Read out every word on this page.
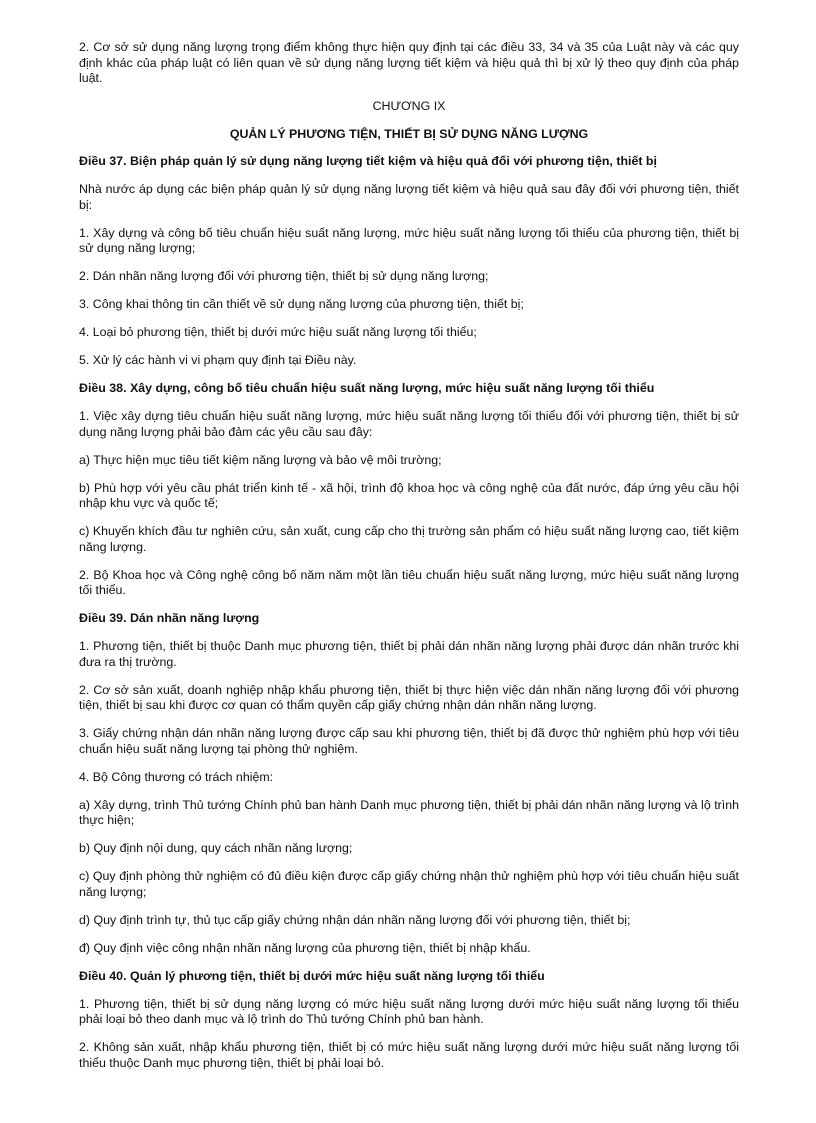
2. Cơ sở sử dụng năng lượng trọng điểm không thực hiện quy định tại các điều 33, 34 và 35 của Luật này và các quy định khác của pháp luật có liên quan về sử dụng năng lượng tiết kiệm và hiệu quả thì bị xử lý theo quy định của pháp luật.

CHƯƠNG IX

QUẢN LÝ PHƯƠNG TIỆN, THIẾT BỊ SỬ DỤNG NĂNG LƯỢNG

Điều 37. Biện pháp quản lý sử dụng năng lượng tiết kiệm và hiệu quả đối với phương tiện, thiết bị

Nhà nước áp dụng các biện pháp quản lý sử dụng năng lượng tiết kiệm và hiệu quả sau đây đối với phương tiện, thiết bị:

1. Xây dựng và công bố tiêu chuẩn hiệu suất năng lượng, mức hiệu suất năng lượng tối thiểu của phương tiện, thiết bị sử dụng năng lượng;

2. Dán nhãn năng lượng đối với phương tiện, thiết bị sử dụng năng lượng;

3. Công khai thông tin cần thiết về sử dụng năng lượng của phương tiện, thiết bị;

4. Loại bỏ phương tiện, thiết bị dưới mức hiệu suất năng lượng tối thiểu;

5. Xử lý các hành vi vi phạm quy định tại Điều này.

Điều 38. Xây dựng, công bố tiêu chuẩn hiệu suất năng lượng, mức hiệu suất năng lượng tối thiểu

1. Việc xây dựng tiêu chuẩn hiệu suất năng lượng, mức hiệu suất năng lượng tối thiểu đối với phương tiện, thiết bị sử dụng năng lượng phải bảo đảm các yêu cầu sau đây:

a) Thực hiện mục tiêu tiết kiệm năng lượng và bảo vệ môi trường;

b) Phù hợp với yêu cầu phát triển kinh tế - xã hội, trình độ khoa học và công nghệ của đất nước, đáp ứng yêu cầu hội nhập khu vực và quốc tế;

c) Khuyến khích đầu tư nghiên cứu, sản xuất, cung cấp cho thị trường sản phẩm có hiệu suất năng lượng cao, tiết kiệm năng lượng.

2. Bộ Khoa học và Công nghệ công bố năm năm một lần tiêu chuẩn hiệu suất năng lượng, mức hiệu suất năng lượng tối thiểu.

Điều 39. Dán nhãn năng lượng

1. Phương tiện, thiết bị thuộc Danh mục phương tiện, thiết bị phải dán nhãn năng lượng phải được dán nhãn trước khi đưa ra thị trường.

2. Cơ sở sản xuất, doanh nghiệp nhập khẩu phương tiện, thiết bị thực hiện việc dán nhãn năng lượng đối với phương tiện, thiết bị sau khi được cơ quan có thẩm quyền cấp giấy chứng nhận dán nhãn năng lượng.

3. Giấy chứng nhận dán nhãn năng lượng được cấp sau khi phương tiện, thiết bị đã được thử nghiệm phù hợp với tiêu chuẩn hiệu suất năng lượng tại phòng thử nghiệm.

4. Bộ Công thương có trách nhiệm:

a) Xây dựng, trình Thủ tướng Chính phủ ban hành Danh mục phương tiện, thiết bị phải dán nhãn năng lượng và lộ trình thực hiện;

b) Quy định nội dung, quy cách nhãn năng lượng;

c) Quy định phòng thử nghiệm có đủ điều kiện được cấp giấy chứng nhận thử nghiệm phù hợp với tiêu chuẩn hiệu suất năng lượng;

d) Quy định trình tự, thủ tục cấp giấy chứng nhận dán nhãn năng lượng đối với phương tiện, thiết bị;

đ) Quy định việc công nhận nhãn năng lượng của phương tiện, thiết bị nhập khẩu.

Điều 40. Quản lý phương tiện, thiết bị dưới mức hiệu suất năng lượng tối thiểu

1. Phương tiện, thiết bị sử dụng năng lượng có mức hiệu suất năng lượng dưới mức hiệu suất năng lượng tối thiểu phải loại bỏ theo danh mục và lộ trình do Thủ tướng Chính phủ ban hành.

2. Không sản xuất, nhập khẩu phương tiện, thiết bị có mức hiệu suất năng lượng dưới mức hiệu suất năng lượng tối thiểu thuộc Danh mục phương tiện, thiết bị phải loại bỏ.
